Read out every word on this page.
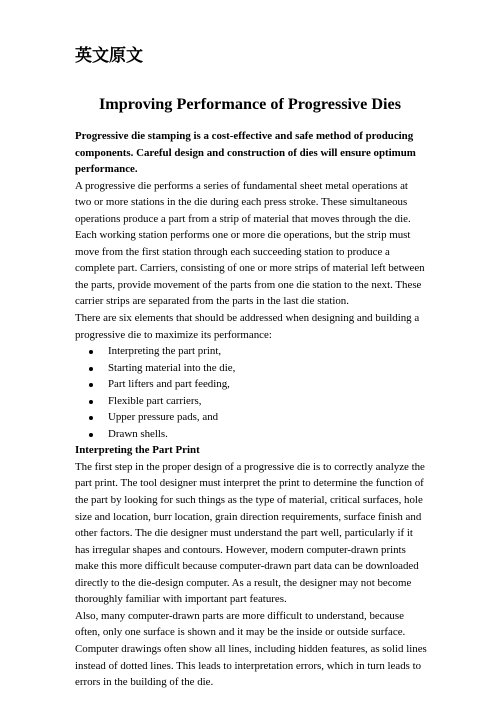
英文原文
Improving Performance of Progressive Dies

Progressive die stamping is a cost-effective and safe method of producing components. Careful design and construction of dies will ensure optimum performance.

A progressive die performs a series of fundamental sheet metal operations at two or more stations in the die during each press stroke. These simultaneous operations produce a part from a strip of material that moves through the die. Each working station performs one or more die operations, but the strip must move from the first station through each succeeding station to produce a complete part. Carriers, consisting of one or more strips of material left between the parts, provide movement of the parts from one die station to the next. These carrier strips are separated from the parts in the last die station.

There are six elements that should be addressed when designing and building a progressive die to maximize its performance:

Interpreting the part print,
Starting material into the die,
Part lifters and part feeding,
Flexible part carriers,
Upper pressure pads, and
Drawn shells.

Interpreting the Part Print

The first step in the proper design of a progressive die is to correctly analyze the part print. The tool designer must interpret the print to determine the function of the part by looking for such things as the type of material, critical surfaces, hole size and location, burr location, grain direction requirements, surface finish and other factors. The die designer must understand the part well, particularly if it has irregular shapes and contours. However, modern computer-drawn prints make this more difficult because computer-drawn part data can be downloaded directly to the die-design computer. As a result, the designer may not become thoroughly familiar with important part features.

Also, many computer-drawn parts are more difficult to understand, because often, only one surface is shown and it may be the inside or outside surface. Computer drawings often show all lines, including hidden features, as solid lines instead of dotted lines. This leads to interpretation errors, which in turn leads to errors in the building of the die.
